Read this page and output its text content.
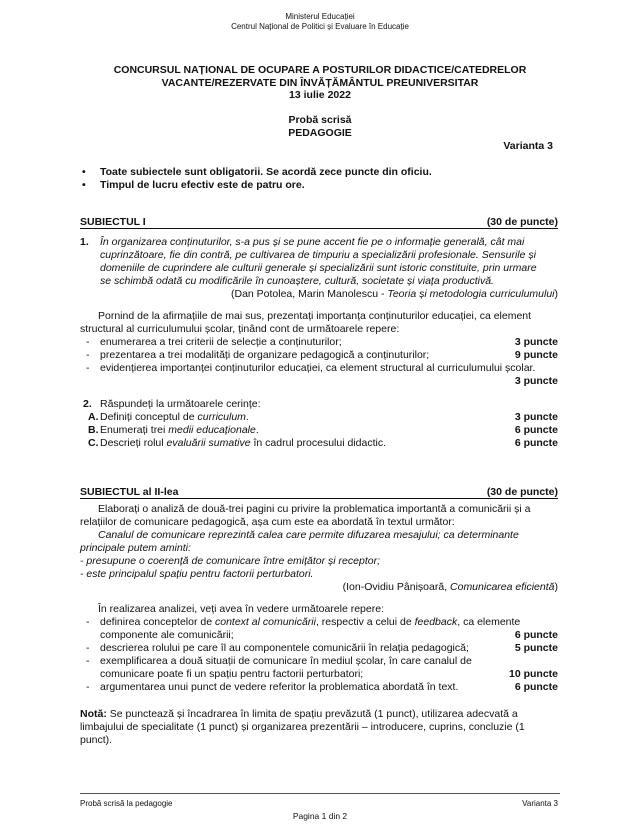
Ministerul Educației
Centrul Național de Politici și Evaluare în Educație
CONCURSUL NAȚIONAL DE OCUPARE A POSTURILOR DIDACTICE/CATEDRELOR
VACANTE/REZERVATE DIN ÎNVĂȚĂMÂNTUL PREUNIVERSITAR
13 iulie 2022
Probă scrisă
PEDAGOGIE
Varianta 3
• Toate subiectele sunt obligatorii. Se acordă zece puncte din oficiu.
• Timpul de lucru efectiv este de patru ore.
SUBIECTUL I	(30 de puncte)
1. În organizarea conținuturilor, s-a pus și se pune accent fie pe o informație generală, cât mai
cuprinzătoare, fie din contră, pe cultivarea de timpuriu a specializării profesionale. Sensurile și
domeniile de cuprindere ale culturii generale și specializării sunt istoric constituite, prin urmare
se schimbă odată cu modificările în cunoaștere, cultură, societate și viața productivă.
(Dan Potolea, Marin Manolescu - Teoria și metodologia curriculumului)
Pornind de la afirmațiile de mai sus, prezentați importanța conținuturilor educației, ca element
structural al curriculumului școlar, ținând cont de următoarele repere:
- enumerarea a trei criterii de selecție a conținuturilor;	3 puncte
- prezentarea a trei modalități de organizare pedagogică a conținuturilor;	9 puncte
- evidențierea importanței conținuturilor educației, ca element structural al curriculumului școlar.
3 puncte
2. Răspundeți la următoarele cerințe:
A. Definiți conceptul de curriculum.	3 puncte
B. Enumerați trei medii educaționale.	6 puncte
C. Descrieți rolul evaluării sumative în cadrul procesului didactic.	6 puncte
SUBIECTUL al II-lea	(30 de puncte)
Elaborați o analiză de două-trei pagini cu privire la problematica importantă a comunicării și a
relațiilor de comunicare pedagogică, așa cum este ea abordată în textul următor:
Canalul de comunicare reprezintă calea care permite difuzarea mesajului; ca determinante
principale putem aminti:
- presupune o coerență de comunicare între emițător și receptor;
- este principalul spațiu pentru factorii perturbatori.
(Ion-Ovidiu Pânișoară, Comunicarea eficientă)
În realizarea analizei, veți avea în vedere următoarele repere:
- definirea conceptelor de context al comunicării, respectiv a celui de feedback, ca elemente
componente ale comunicării;	6 puncte
- descrierea rolului pe care îl au componentele comunicării în relația pedagogică;	5 puncte
- exemplificarea a două situații de comunicare în mediul școlar, în care canalul de
comunicare poate fi un spațiu pentru factorii perturbatori;	10 puncte
- argumentarea unui punct de vedere referitor la problematica abordată în text.	6 puncte
Notă: Se punctează și încadrarea în limita de spațiu prevăzută (1 punct), utilizarea adecvată a
limbajului de specialitate (1 punct) și organizarea prezentării – introducere, cuprins, concluzie (1 punct).
Probă scrisă la pedagogie	Varianta 3
Pagina 1 din 2
